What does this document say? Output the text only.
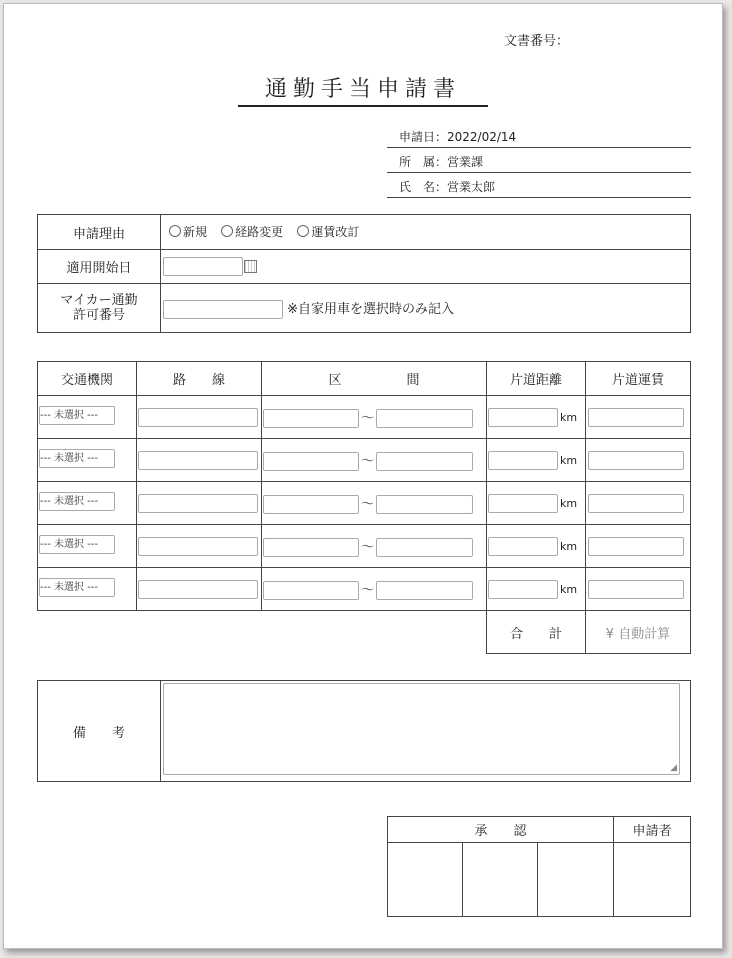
文書番号：
通勤手当申請書
申請日：2022/02/14
所　属：営業課
氏　名：営業太郎
申請理由	新規
経路変更
運賃改訂

適用開始日	

マイカー通勤
許可番号	※自家用車を選択時のみ記入
交通機関	路　　線	区　　　　　間	片道距離	片道運賃
--- 未選択 ---		～	km	
--- 未選択 ---		～	km	
--- 未選択 ---		～	km	
--- 未選択 ---		～	km	
--- 未選択 ---		～	km	
			合　　計	¥ 自動計算
備　　考	
◢
承　　認			申請者
